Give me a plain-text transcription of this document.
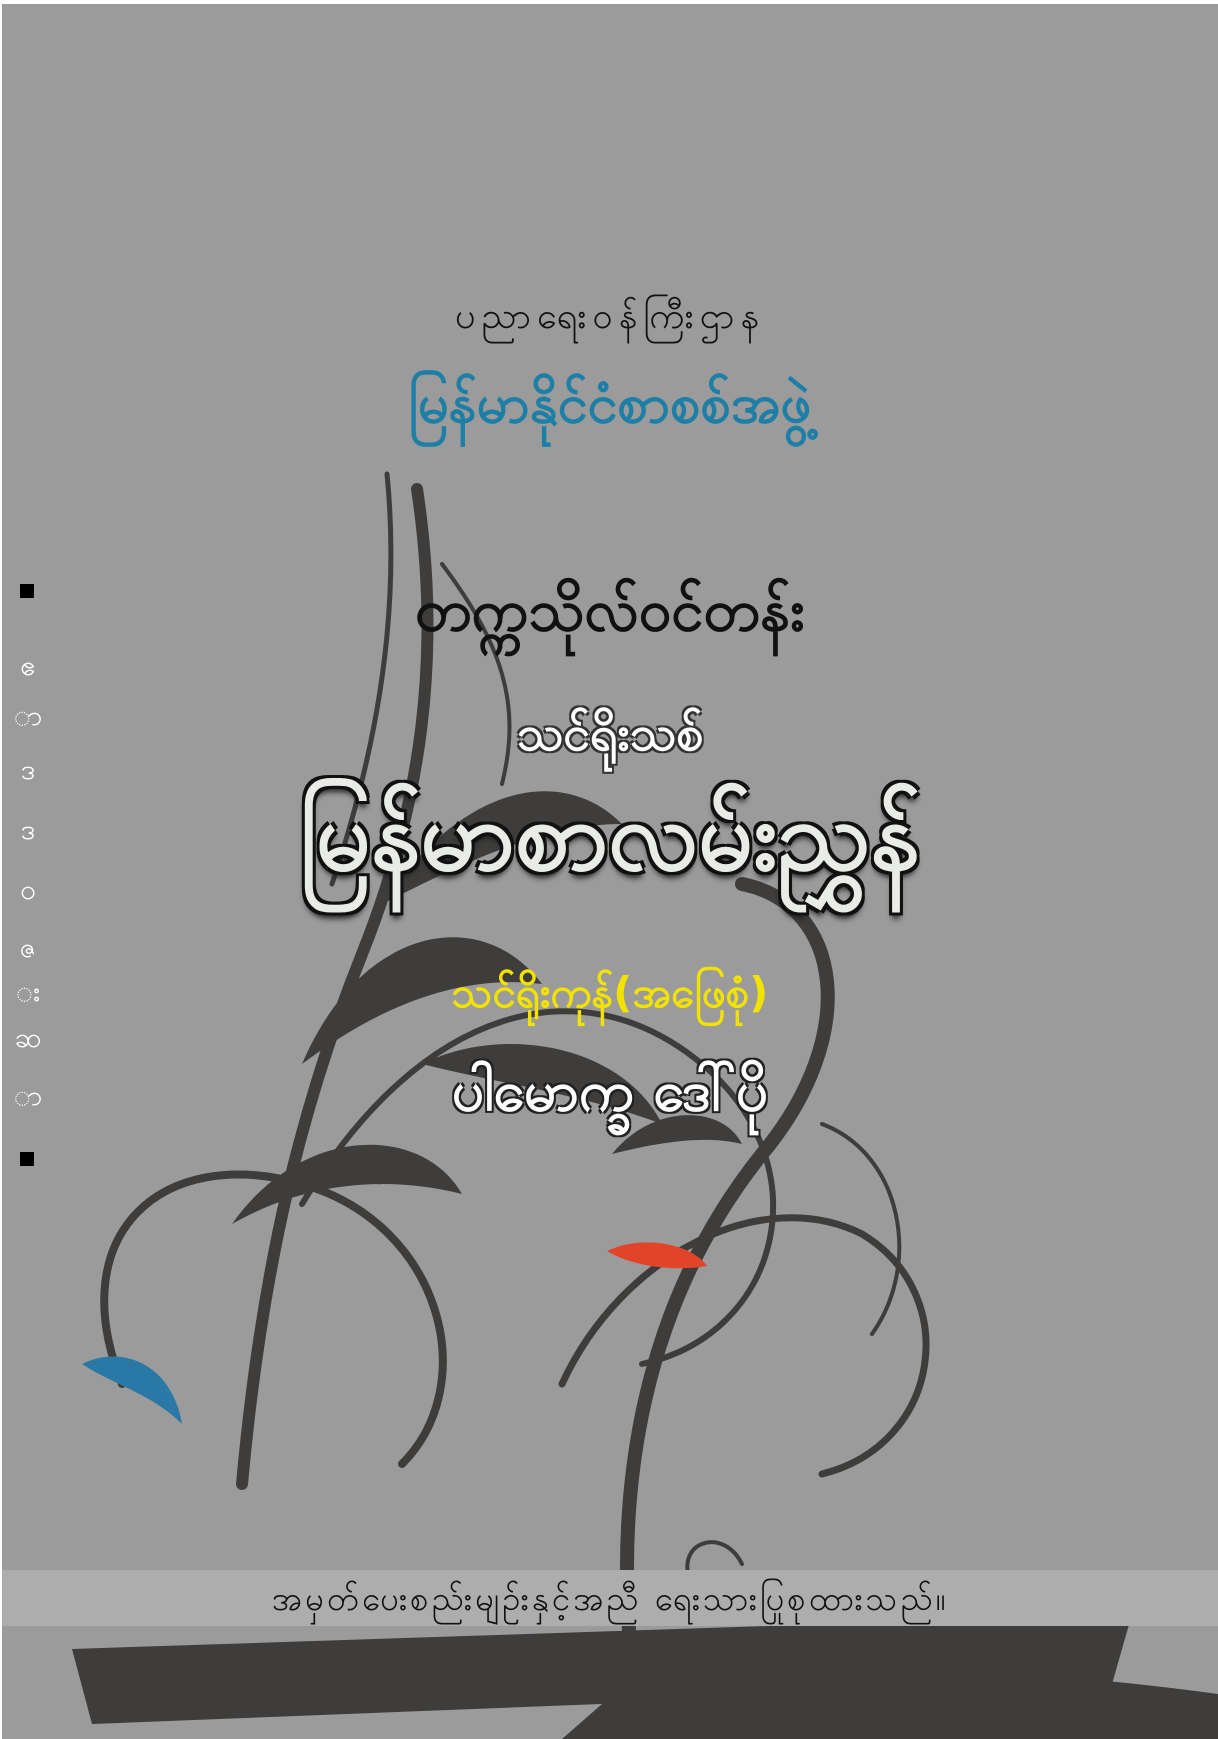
ပညာရေးဝန်ကြီးဌာန
မြန်မာနိုင်ငံစာစစ်အဖွဲ့
တက္ကသိုလ်ဝင်တန်း
သင်ရိုးသစ်
မြန်မာစာလမ်းညွှန်
သင်ရိုးကုန်(အဖြေစုံ)
ပါမောက္ခ ဒေါ်ပို
အမှတ်ပေးစည်းမျဉ်းနှင့်အညီ ရေးသားပြုစုထားသည်။
ဧ
ာ
ဒ
ဒ
ဝ
ဇ
း
ဆ
ာ
